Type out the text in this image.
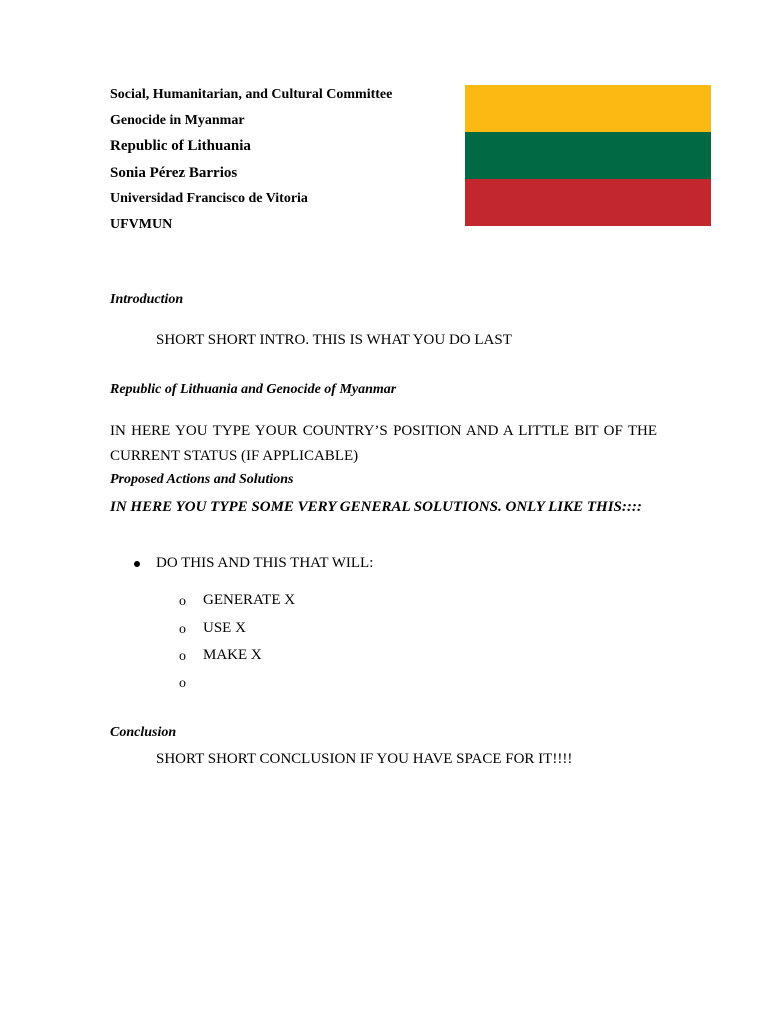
Social, Humanitarian, and Cultural Committee
Genocide in Myanmar
Republic of Lithuania
Sonia Pérez Barrios
Universidad Francisco de Vitoria
UFVMUN
Introduction
SHORT SHORT INTRO. THIS IS WHAT YOU DO LAST
Republic of Lithuania and Genocide of Myanmar
IN HERE YOU TYPE YOUR COUNTRY’S POSITION AND A LITTLE BIT OF THE CURRENT STATUS (IF APPLICABLE)
Proposed Actions and Solutions
IN HERE YOU TYPE SOME VERY GENERAL SOLUTIONS. ONLY LIKE THIS::::
DO THIS AND THIS THAT WILL:
o GENERATE X
o USE X
o MAKE X
o
Conclusion
SHORT SHORT CONCLUSION IF YOU HAVE SPACE FOR IT!!!!
